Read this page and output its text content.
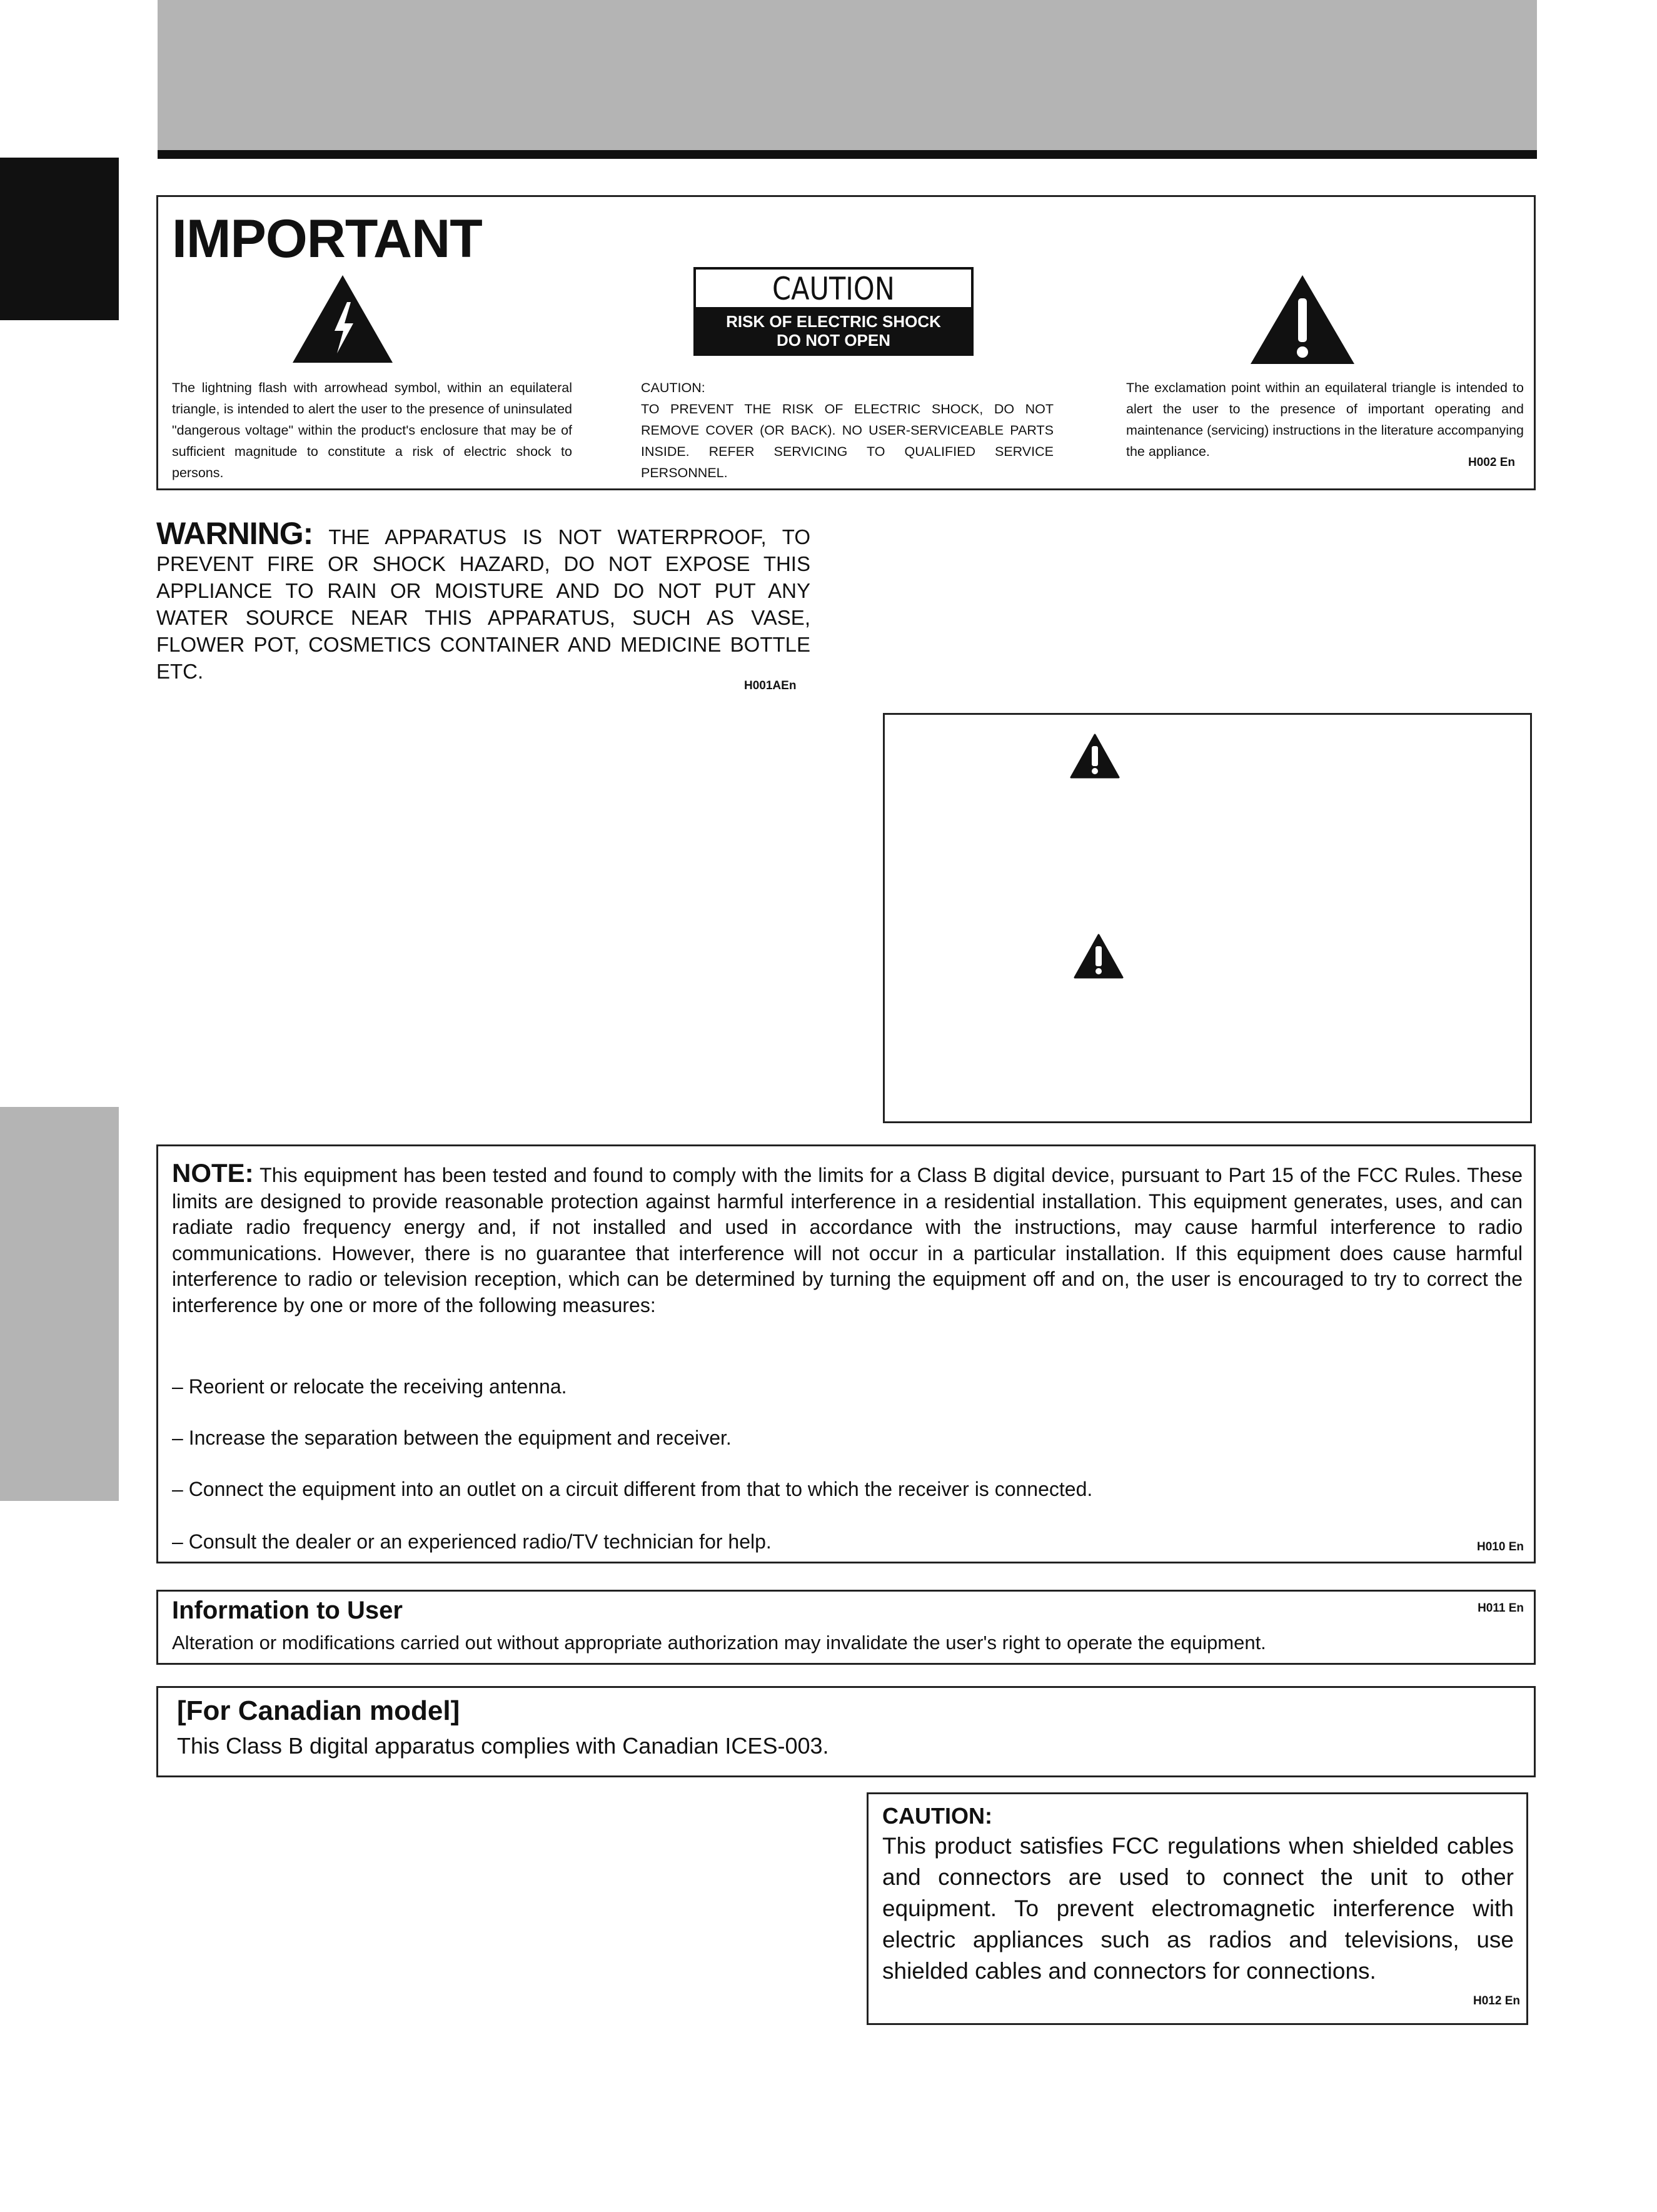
IMPORTANT
The lightning flash with arrowhead symbol, within an equilateral triangle, is intended to alert the user to the presence of uninsulated "dangerous voltage" within the product's enclosure that may be of sufficient magnitude to constitute a risk of electric shock to persons.
CAUTION
RISK OF ELECTRIC SHOCK
DO NOT OPEN
CAUTION:
TO PREVENT THE RISK OF ELECTRIC SHOCK, DO NOT REMOVE COVER (OR BACK). NO USER-SERVICEABLE PARTS INSIDE. REFER SERVICING TO QUALIFIED SERVICE PERSONNEL.
The exclamation point within an equilateral triangle is intended to alert the user to the presence of important operating and maintenance (servicing) instructions in the literature accompanying the appliance.
H002 En
WARNING: THE APPARATUS IS NOT WATERPROOF, TO PREVENT FIRE OR SHOCK HAZARD, DO NOT EXPOSE THIS APPLIANCE TO RAIN OR MOISTURE AND DO NOT PUT ANY WATER SOURCE NEAR THIS APPARATUS, SUCH AS VASE, FLOWER POT, COSMETICS CONTAINER AND MEDICINE BOTTLE ETC.
H001AEn
NOTE: This equipment has been tested and found to comply with the limits for a Class B digital device, pursuant to Part 15 of the FCC Rules. These limits are designed to provide reasonable protection against harmful interference in a residential installation. This equipment generates, uses, and can radiate radio frequency energy and, if not installed and used in accordance with the instructions, may cause harmful interference to radio communications. However, there is no guarantee that interference will not occur in a particular installation. If this equipment does cause harmful interference to radio or television reception, which can be determined by turning the equipment off and on, the user is encouraged to try to correct the interference by one or more of the following measures:
– Reorient or relocate the receiving antenna.
– Increase the separation between the equipment and receiver.
– Connect the equipment into an outlet on a circuit different from that to which the receiver is connected.
– Consult the dealer or an experienced radio/TV technician for help.	H010 En
Information to User	H011 En
Alteration or modifications carried out without appropriate authorization may invalidate the user's right to operate the equipment.
[For Canadian model]
This Class B digital apparatus complies with Canadian ICES-003.
CAUTION:
This product satisfies FCC regulations when shielded cables and connectors are used to connect the unit to other equipment. To prevent electromagnetic interference with electric appliances such as radios and televisions, use shielded cables and connectors for connections.
H012 En
